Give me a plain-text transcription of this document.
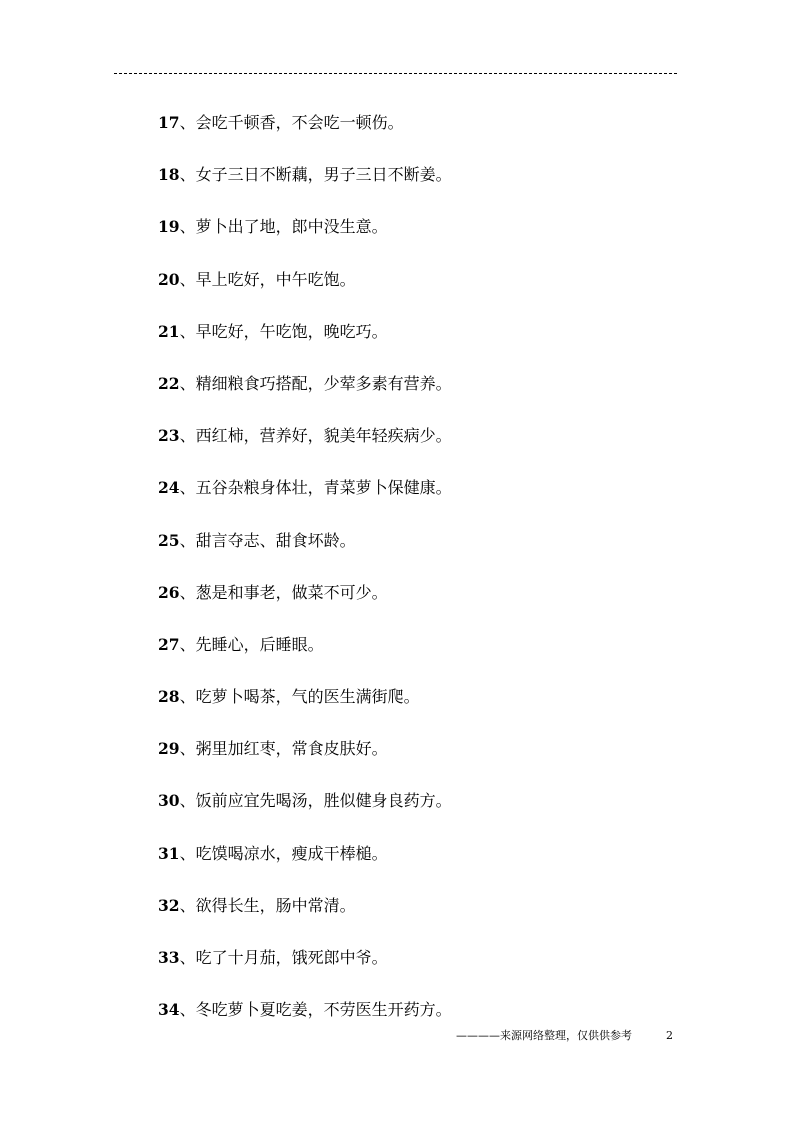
17、会吃千顿香，不会吃一顿伤。
18、女子三日不断藕，男子三日不断姜。
19、萝卜出了地，郎中没生意。
20、早上吃好，中午吃饱。
21、早吃好，午吃饱，晚吃巧。
22、精细粮食巧搭配，少荤多素有营养。
23、西红柿，营养好，貌美年轻疾病少。
24、五谷杂粮身体壮，青菜萝卜保健康。
25、甜言夺志、甜食坏龄。
26、葱是和事老，做菜不可少。
27、先睡心，后睡眼。
28、吃萝卜喝茶，气的医生满街爬。
29、粥里加红枣，常食皮肤好。
30、饭前应宜先喝汤，胜似健身良药方。
31、吃馍喝凉水，瘦成干棒槌。
32、欲得长生，肠中常清。
33、吃了十月茄，饿死郎中爷。
34、冬吃萝卜夏吃姜，不劳医生开药方。
————来源网络整理，仅供供参考	2
